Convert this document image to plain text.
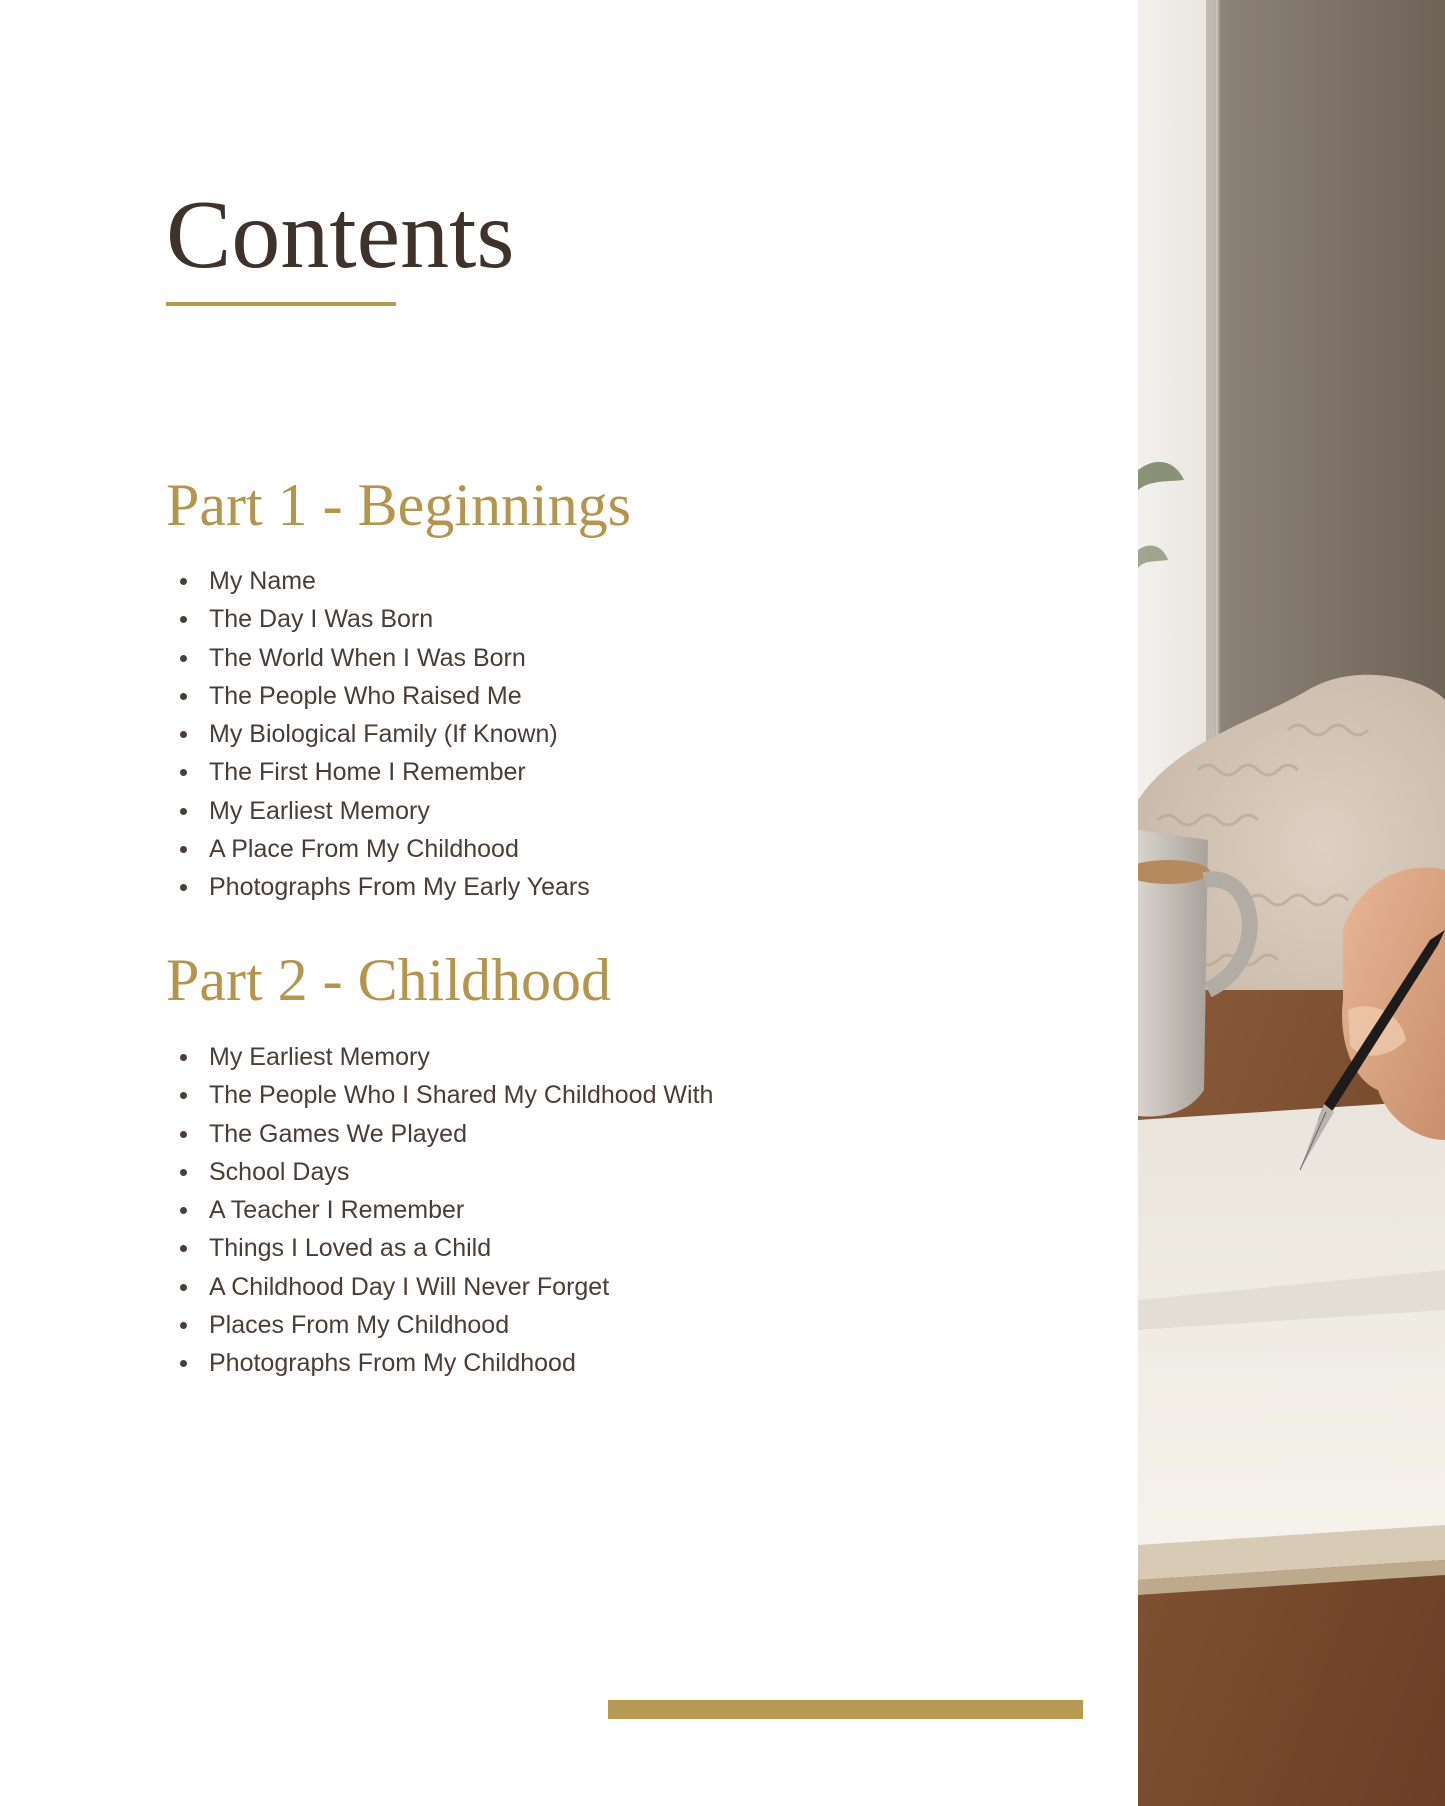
Contents
Part 1 - Beginnings
My Name
The Day I Was Born
The World When I Was Born
The People Who Raised Me
My Biological Family (If Known)
The First Home I Remember
My Earliest Memory
A Place From My Childhood
Photographs From My Early Years
Part 2 - Childhood
My Earliest Memory
The People Who I Shared My Childhood With
The Games We Played
School Days
A Teacher I Remember
Things I Loved as a Child
A Childhood Day I Will Never Forget
Places From My Childhood
Photographs From My Childhood
